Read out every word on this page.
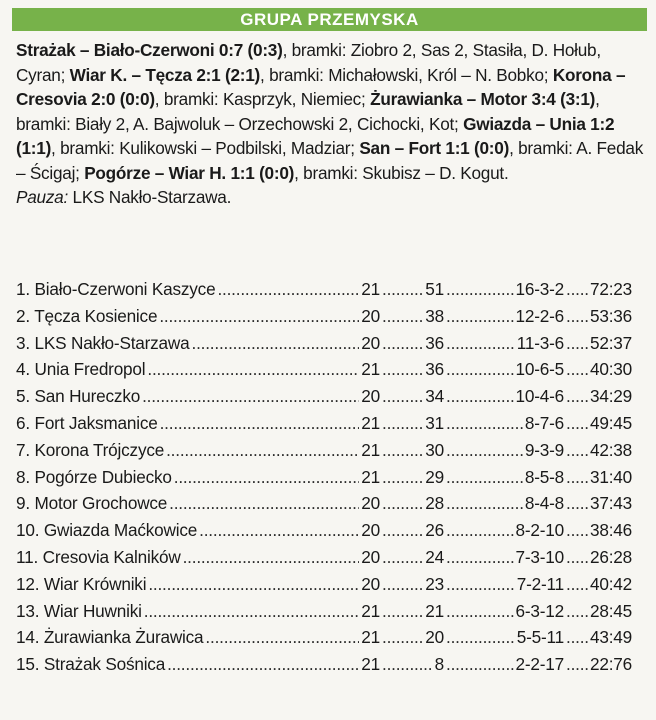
GRUPA PRZEMYSKA
Strażak – Biało-Czerwoni 0:7 (0:3), bramki: Ziobro 2, Sas 2, Stasiła, D. Hołub, Cyran; Wiar K. – Tęcza 2:1 (2:1), bramki: Michałowski, Król – N. Bobko; Korona – Cresovia 2:0 (0:0), bramki: Kasprzyk, Niemiec; Żurawianka – Motor 3:4 (3:1), bramki: Biały 2, A. Bajwoluk – Orzechowski 2, Cichocki, Kot; Gwiazda – Unia 1:2 (1:1), bramki: Kulikowski – Podbilski, Madziar; San – Fort 1:1 (0:0), bramki: A. Fedak – Ścigaj; Pogórze – Wiar H. 1:1 (0:0), bramki: Skubisz – D. Kogut.
Pauza: LKS Nakło-Starzawa.
1. Biało-Czerwoni Kaszyce	21	51	16-3-2	72:23
.....
.....
.....
.....
2. Tęcza Kosienice	20	38	12-2-6	53:36
.....
.....
.....
.....
3. LKS Nakło-Starzawa	20	36	11-3-6	52:37
.....
.....
.....
.....
4. Unia Fredropol	21	36	10-6-5	40:30
.....
.....
.....
.....
5. San Hureczko	20	34	10-4-6	34:29
.....
.....
.....
.....
6. Fort Jaksmanice	21	31	8-7-6	49:45
.....
.....
.....
.....
7. Korona Trójczyce	21	30	9-3-9	42:38
.....
.....
.....
.....
8. Pogórze Dubiecko	21	29	8-5-8	31:40
.....
.....
.....
.....
9. Motor Grochowce	20	28	8-4-8	37:43
.....
.....
.....
.....
10. Gwiazda Maćkowice	20	26	8-2-10	38:46
.....
.....
.....
.....
11. Cresovia Kalników	20	24	7-3-10	26:28
.....
.....
.....
.....
12. Wiar Krówniki	20	23	7-2-11	40:42
.....
.....
.....
.....
13. Wiar Huwniki	21	21	6-3-12	28:45
.....
.....
.....
.....
14. Żurawianka Żurawica	21	20	5-5-11	43:49
.....
.....
.....
.....
15. Strażak Sośnica	21	8	2-2-17	22:76
.....
.....
.....
.....
